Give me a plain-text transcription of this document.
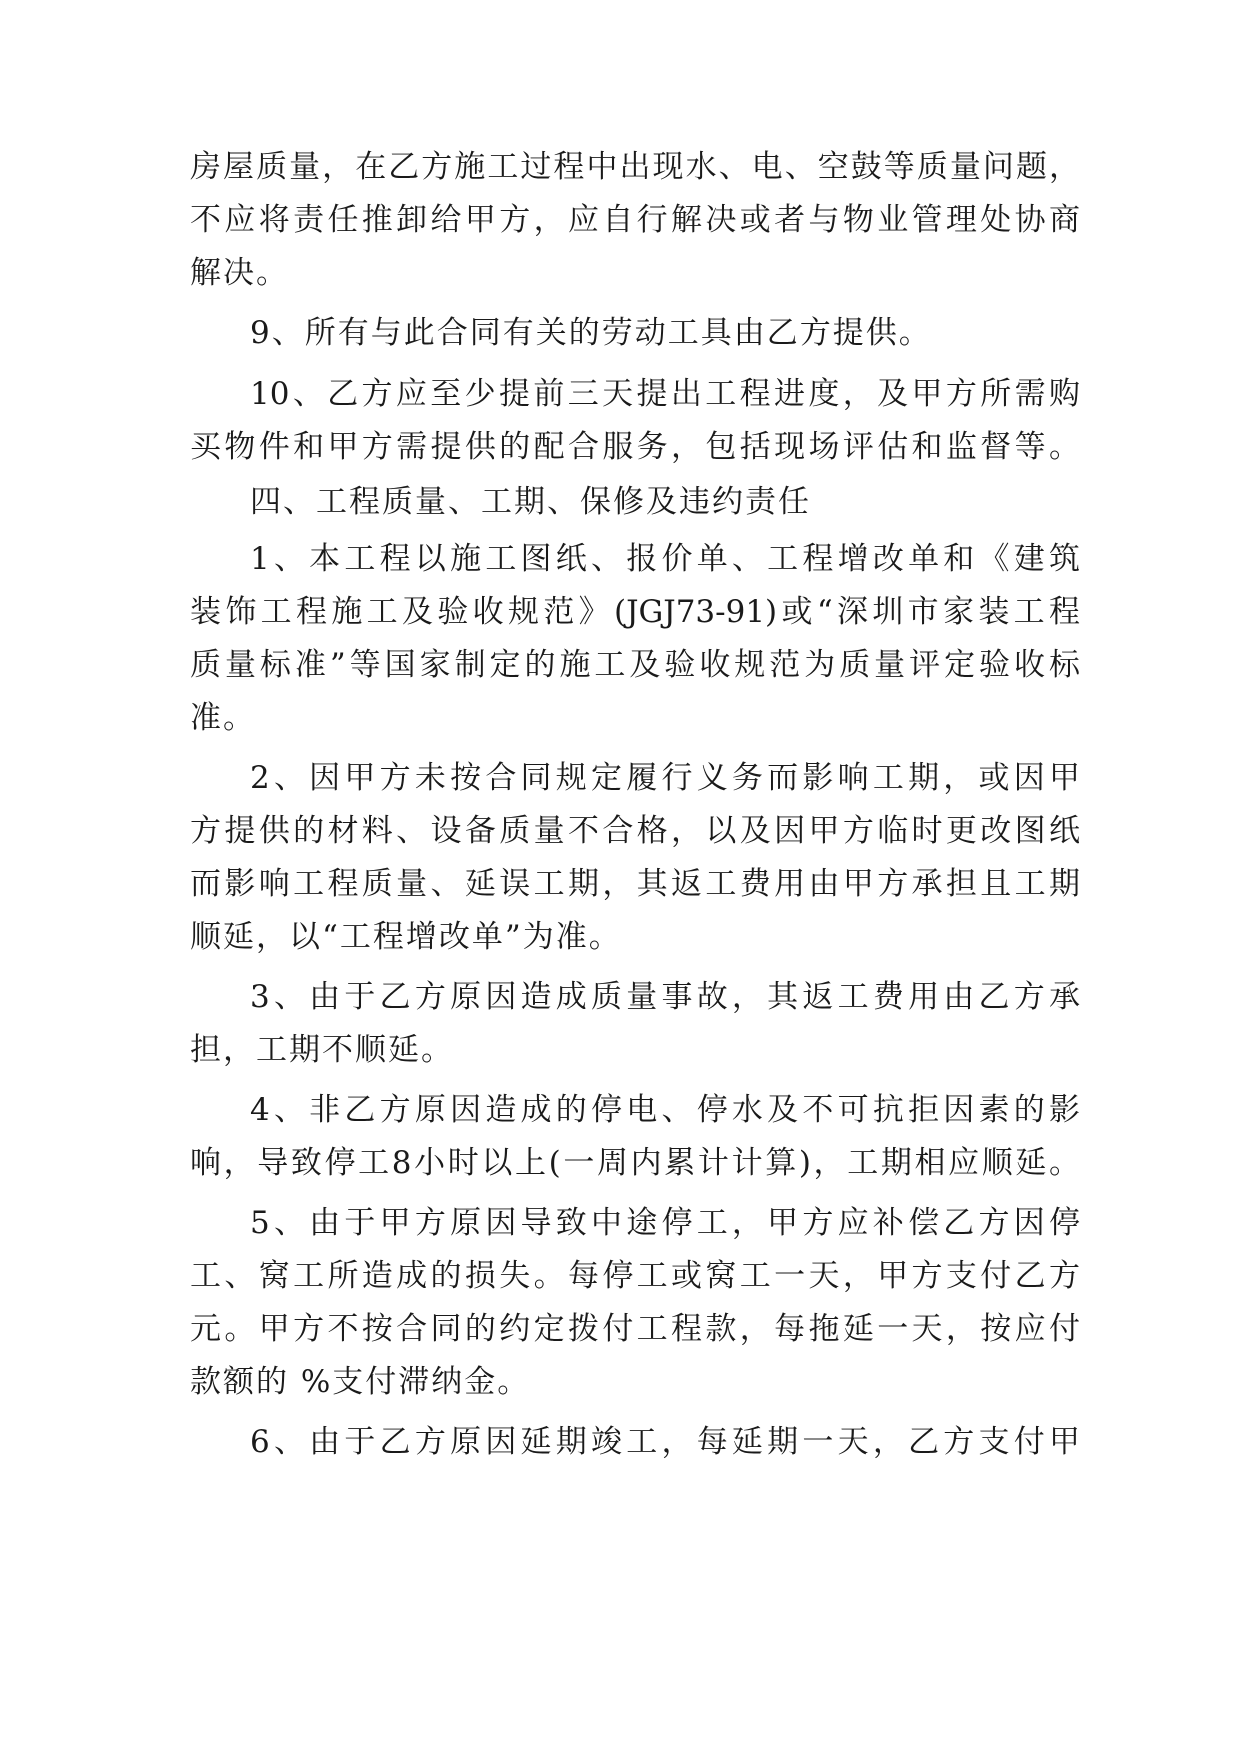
房屋质量，在乙方施工过程中出现水、电、空鼓等质量问题，
不应将责任推卸给甲方，应自行解决或者与物业管理处协商
解决。
9、所有与此合同有关的劳动工具由乙方提供。
10、乙方应至少提前三天提出工程进度，及甲方所需购
买物件和甲方需提供的配合服务，包括现场评估和监督等。
四、工程质量、工期、保修及违约责任
1、本工程以施工图纸、报价单、工程增改单和《建筑
装饰工程施工及验收规范》(JGJ73-91)或“深圳市家装工程
质量标准”等国家制定的施工及验收规范为质量评定验收标
准。
2、因甲方未按合同规定履行义务而影响工期，或因甲
方提供的材料、设备质量不合格，以及因甲方临时更改图纸
而影响工程质量、延误工期，其返工费用由甲方承担且工期
顺延，以“工程增改单”为准。
3、由于乙方原因造成质量事故，其返工费用由乙方承
担，工期不顺延。
4、非乙方原因造成的停电、停水及不可抗拒因素的影
响，导致停工8小时以上(一周内累计计算)，工期相应顺延。
5、由于甲方原因导致中途停工，甲方应补偿乙方因停
工、窝工所造成的损失。每停工或窝工一天，甲方支付乙方
元。甲方不按合同的约定拨付工程款，每拖延一天，按应付
款额的 %支付滞纳金。
6、由于乙方原因延期竣工，每延期一天，乙方支付甲
